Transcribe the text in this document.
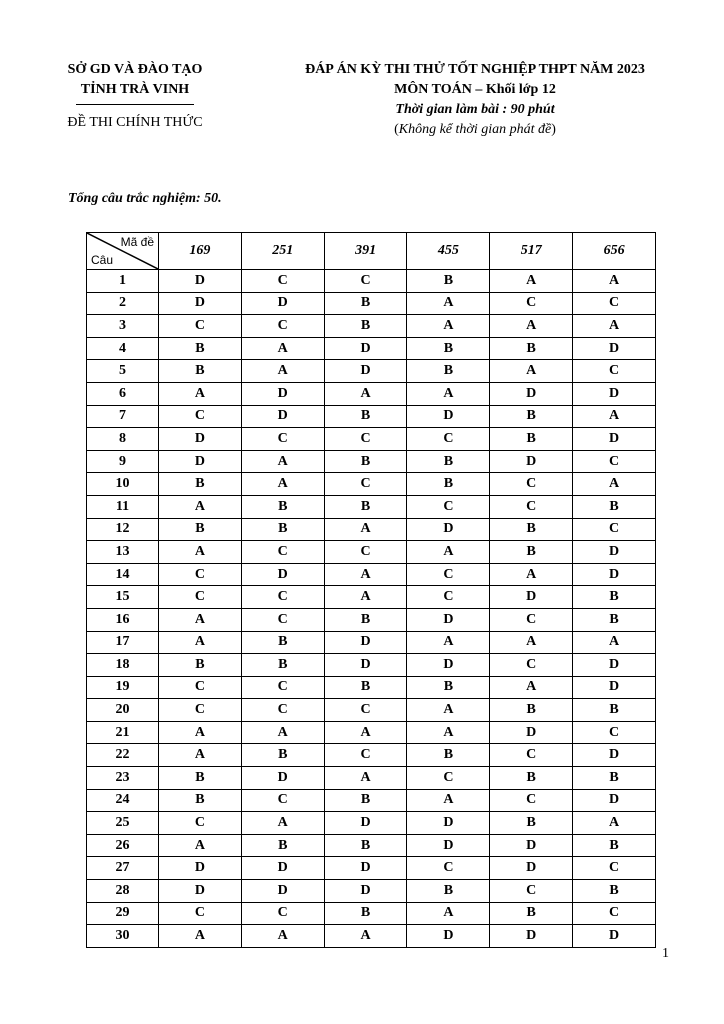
SỞ GD VÀ ĐÀO TẠO
TỈNH TRÀ VINH
ĐỀ THI CHÍNH THỨC
ĐÁP ÁN KỲ THI THỬ TỐT NGHIỆP THPT NĂM 2023
MÔN TOÁN – Khối lớp 12
Thời gian làm bài : 90 phút
(Không kể thời gian phát đề)
Tổng câu trắc nghiệm: 50.
Mã đề
Câu	169	251	391	455	517	656
1	D	C	C	B	A	A
2	D	D	B	A	C	C
3	C	C	B	A	A	A
4	B	A	D	B	B	D
5	B	A	D	B	A	C
6	A	D	A	A	D	D
7	C	D	B	D	B	A
8	D	C	C	C	B	D
9	D	A	B	B	D	C
10	B	A	C	B	C	A
11	A	B	B	C	C	B
12	B	B	A	D	B	C
13	A	C	C	A	B	D
14	C	D	A	C	A	D
15	C	C	A	C	D	B
16	A	C	B	D	C	B
17	A	B	D	A	A	A
18	B	B	D	D	C	D
19	C	C	B	B	A	D
20	C	C	C	A	B	B
21	A	A	A	A	D	C
22	A	B	C	B	C	D
23	B	D	A	C	B	B
24	B	C	B	A	C	D
25	C	A	D	D	B	A
26	A	B	B	D	D	B
27	D	D	D	C	D	C
28	D	D	D	B	C	B
29	C	C	B	A	B	C
30	A	A	A	D	D	D
1
